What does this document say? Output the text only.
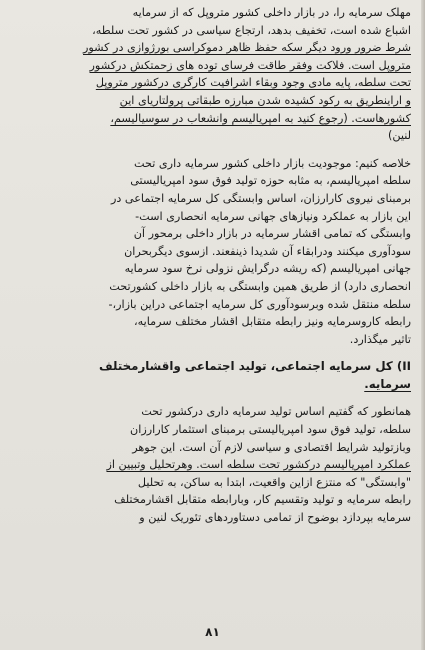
مهلک سرمایه را، در بازار داخلی کشور متروپل که از سرمایه
اشباع شده است، تخفیف بدهد، ارتجاع سیاسی در کشور تحت سلطه،
شرط ضرور ورود دیگر سکه حفظ ظاهر دموکراسی بورژوازی در کشور
متروپل است. فلاکت وفقر طاقت فرسای توده های زحمتکش درکشور
تحت سلطه، پایه مادی وجود وبقاء اشرافیت کارگری درکشور متروپل
و اراینطریق به رکود کشیده شدن مبارزه طبقاتی پرولتاریای این
کشورهاست. (رجوع کنید به امپریالیسم وانشعاب در سوسیالیسم،
لنین)
خلاصه کنیم: موجودیت بازار داخلی کشور سرمایه داری تحت
سلطه امپریالیسم، به مثابه حوزه تولید فوق سود امپریالیستی
برمبنای نیروی کارارزان، اساس وابستگی کل سرمایه اجتماعی در
این بازار به عملکرد ونیازهای جهانی سرمایه انحصاری است-
وابستگی که تمامی اقشار سرمایه در بازار داخلی برمحور آن
سودآوری میکنند ودرابقاء آن شدیدا ذینفعند. ازسوی دیگربحران
جهانی امپریالیسم (که ریشه درگرایش نزولی نرخ سود سرمایه
انحصاری دارد) از طریق همین وابستگی به بازار داخلی کشورتحت
سلطه منتقل شده وبرسودآوری کل سرمایه اجتماعی دراین بازار،-
رابطه کاروسرمایه ونیز رابطه متقابل اقشار مختلف سرمایه،
تاثیر میگذارد.
II) کل سرمایه اجتماعی، تولید اجتماعی واقشارمختلف
سرمایه.
همانطور که گفتیم اساس تولید سرمایه داری درکشور تحت
سلطه، تولید فوق سود امپریالیستی برمبنای استثمار کارارزان
وبازتولید شرایط اقتصادی و سیاسی لازم آن است. این جوهر
عملکرد امپریالیسم درکشور تحت سلطه است. وهرتحلیل وتبیین از
"وابستگی" که منتزع ازاین واقعیت، ابتدا به ساکن، به تحلیل
رابطه سرمایه و تولید وتقسیم کار، وبارابطه متقابل اقشارمختلف
سرمایه بپردازد بوضوح از تمامی دستاوردهای تئوریک لنین و
۸۱
